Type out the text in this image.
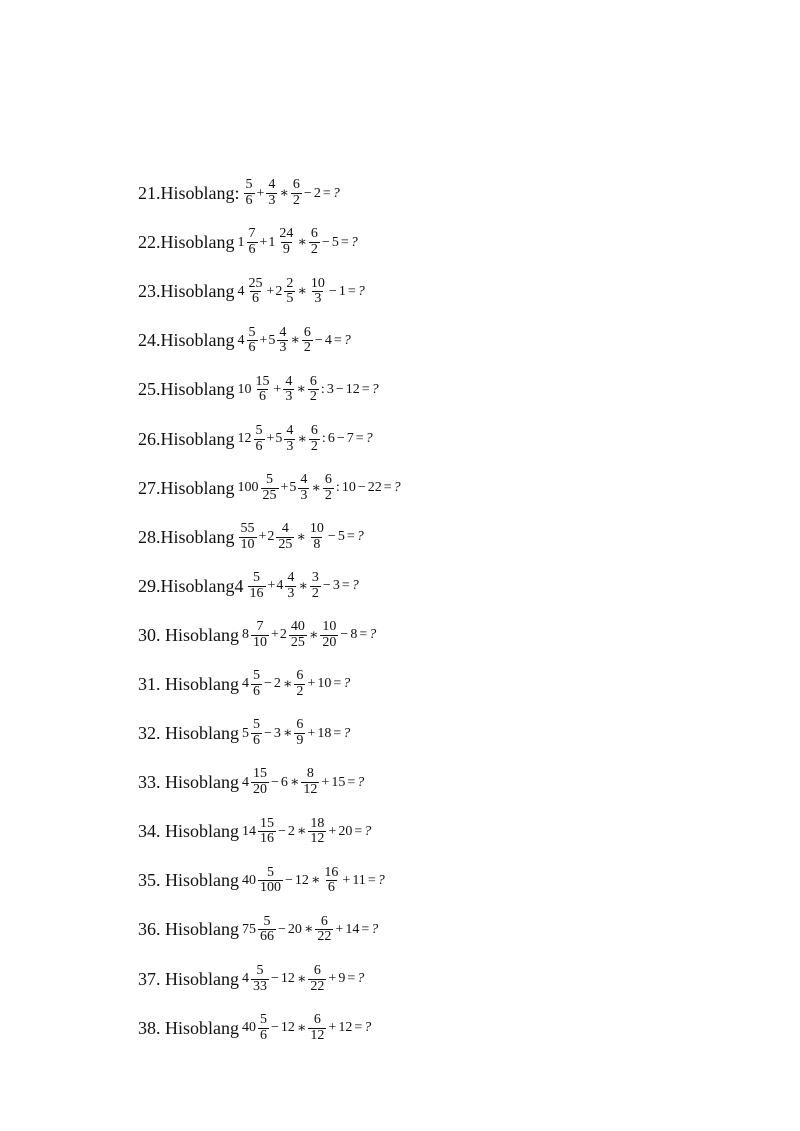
21.Hisoblang: $\frac{5}{6} + \frac{4}{3}$ ∗ $\frac{6}{2} - 2$ = ?
22.Hisoblang $1 \frac{7}{6} + 1 \frac{24}{9}$ ∗ $\frac{6}{2} - 5$ = ?
23.Hisoblang $4 \frac{25}{6} + 2 \frac{2}{5}$ ∗ $\frac{10}{3} - 1$ = ?
24.Hisoblang $4 \frac{5}{6} + 5 \frac{4}{3}$ ∗ $\frac{6}{2} - 4$ = ?
25.Hisoblang $10 \frac{15}{6} + \frac{4}{3}$ ∗ $\frac{6}{2}$ : 3 − 12 = ?
26.Hisoblang $12 \frac{5}{6} + 5 \frac{4}{3}$ ∗ $\frac{6}{2}$ : 6 − 7 = ?
27.Hisoblang $100 \frac{5}{25} + 5 \frac{4}{3}$ ∗ $\frac{6}{2}$ : 10 − 22 = ?
28.Hisoblang $\frac{55}{10} + 2 \frac{4}{25}$ ∗ $\frac{10}{8} - 5$ = ?
29.Hisoblang4 $\frac{5}{16} + 4 \frac{4}{3}$ ∗ $\frac{3}{2} - 3$ = ?
30. Hisoblang $8 \frac{7}{10} + 2 \frac{40}{25}$ ∗ $\frac{10}{20} - 8$ = ?
31. Hisoblang $4 \frac{5}{6} - 2$ ∗ $\frac{6}{2} + 10$ = ?
32. Hisoblang $5 \frac{5}{6} - 3$ ∗ $\frac{6}{9} + 18$ = ?
33. Hisoblang $4 \frac{15}{20} - 6$ ∗ $\frac{8}{12} + 15$ = ?
34. Hisoblang $14 \frac{15}{16} - 2$ ∗ $\frac{18}{12} + 20$ = ?
35. Hisoblang $40 \frac{5}{100} - 12$ ∗ $\frac{16}{6} + 11$ = ?
36. Hisoblang $75 \frac{5}{66} - 20$ ∗ $\frac{6}{22} + 14$ = ?
37. Hisoblang $4 \frac{5}{33} - 12$ ∗ $\frac{6}{22} + 9$ = ?
38. Hisoblang $40 \frac{5}{6} - 12$ ∗ $\frac{6}{12} + 12$ = ?
